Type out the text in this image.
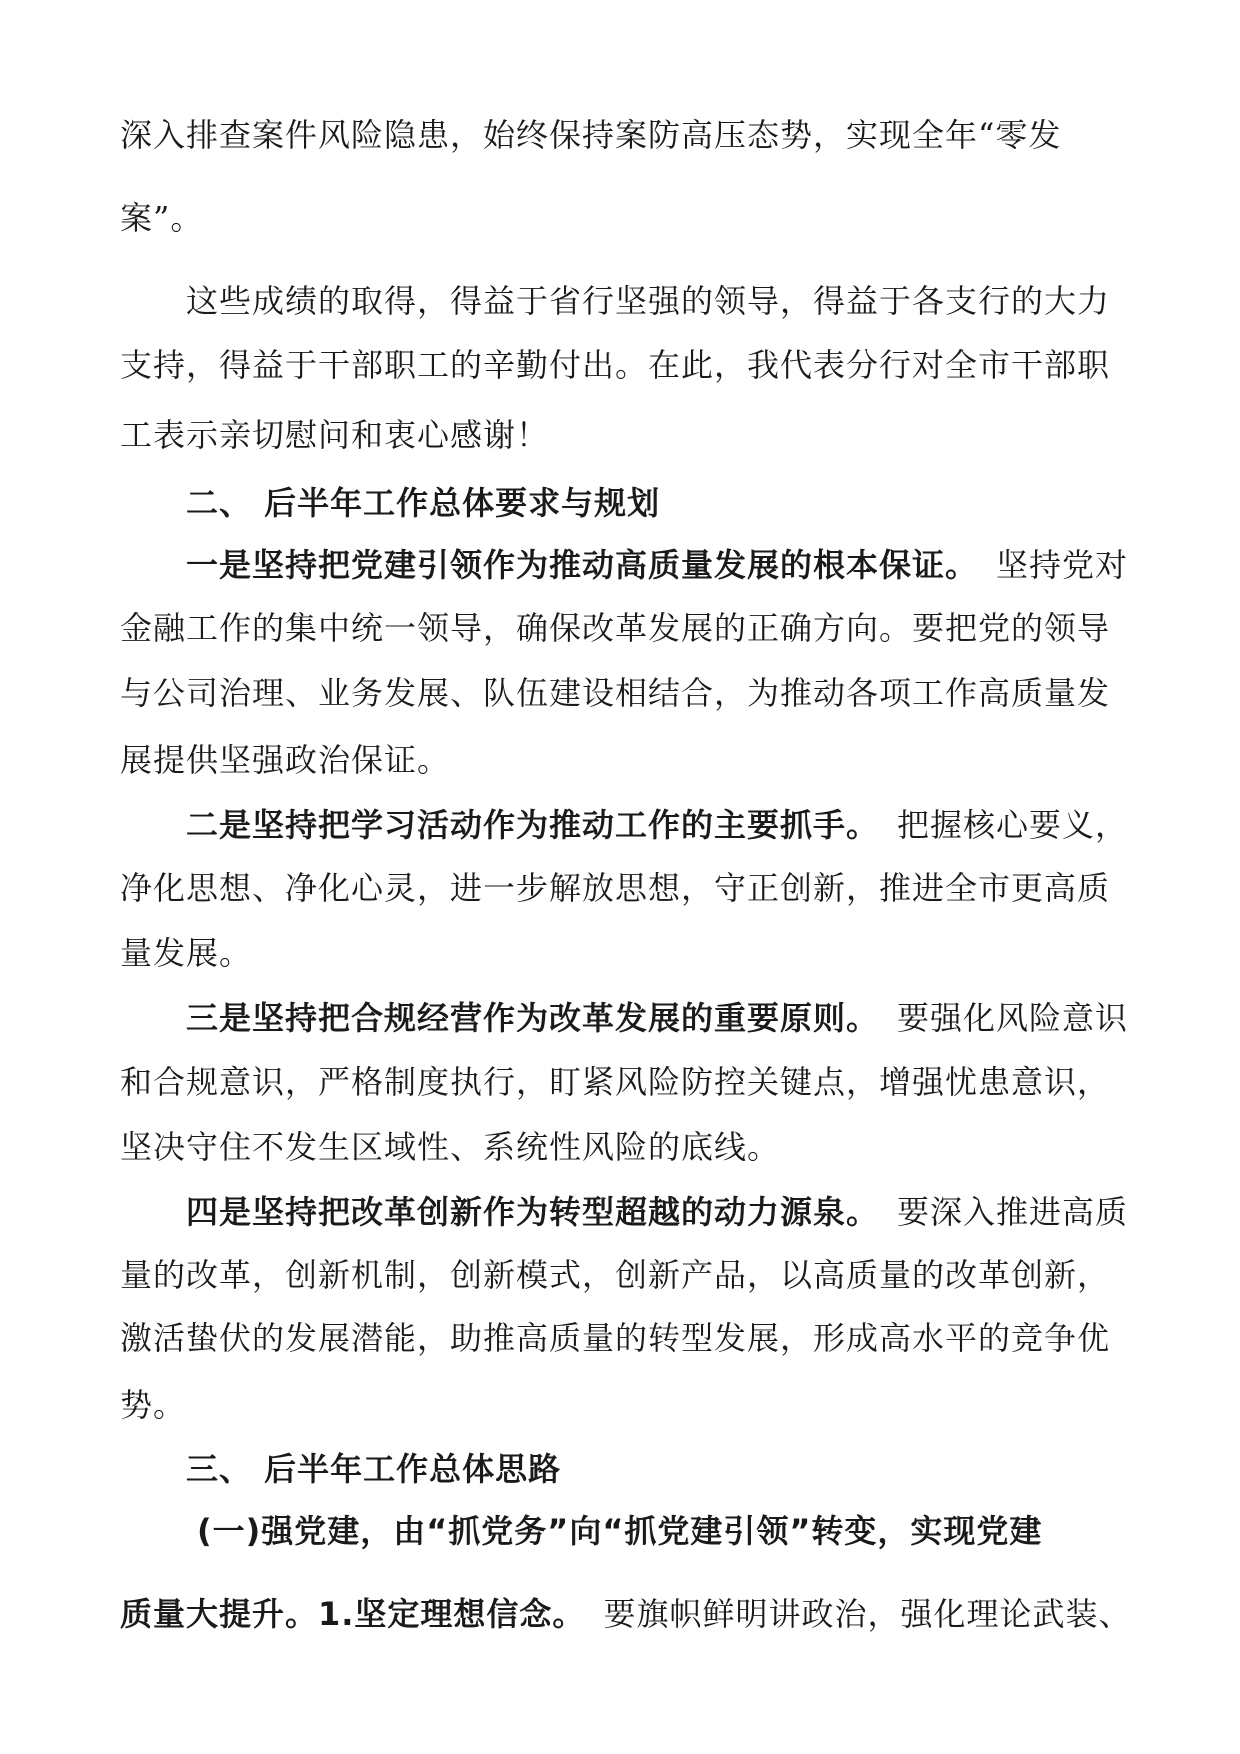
深入排查案件风险隐患，始终保持案防高压态势，实现全年“零发
案”。
这些成绩的取得，得益于省行坚强的领导，得益于各支行的大力
支持，得益于干部职工的辛勤付出。在此，我代表分行对全市干部职
工表示亲切慰问和衷心感谢！
二、 后半年工作总体要求与规划
一是坚持把党建引领作为推动高质量发展的根本保证。 坚持党对
金融工作的集中统一领导，确保改革发展的正确方向。要把党的领导
与公司治理、业务发展、队伍建设相结合，为推动各项工作高质量发
展提供坚强政治保证。
二是坚持把学习活动作为推动工作的主要抓手。 把握核心要义，
净化思想、净化心灵，进一步解放思想，守正创新，推进全市更高质
量发展。
三是坚持把合规经营作为改革发展的重要原则。 要强化风险意识
和合规意识，严格制度执行，盯紧风险防控关键点，增强忧患意识，
坚决守住不发生区域性、系统性风险的底线。
四是坚持把改革创新作为转型超越的动力源泉。 要深入推进高质
量的改革，创新机制，创新模式，创新产品，以高质量的改革创新，
激活蛰伏的发展潜能，助推高质量的转型发展，形成高水平的竞争优
势。
三、 后半年工作总体思路
(一)强党建，由“抓党务”向“抓党建引领”转变，实现党建
质量大提升。1.坚定理想信念。 要旗帜鲜明讲政治，强化理论武装、
